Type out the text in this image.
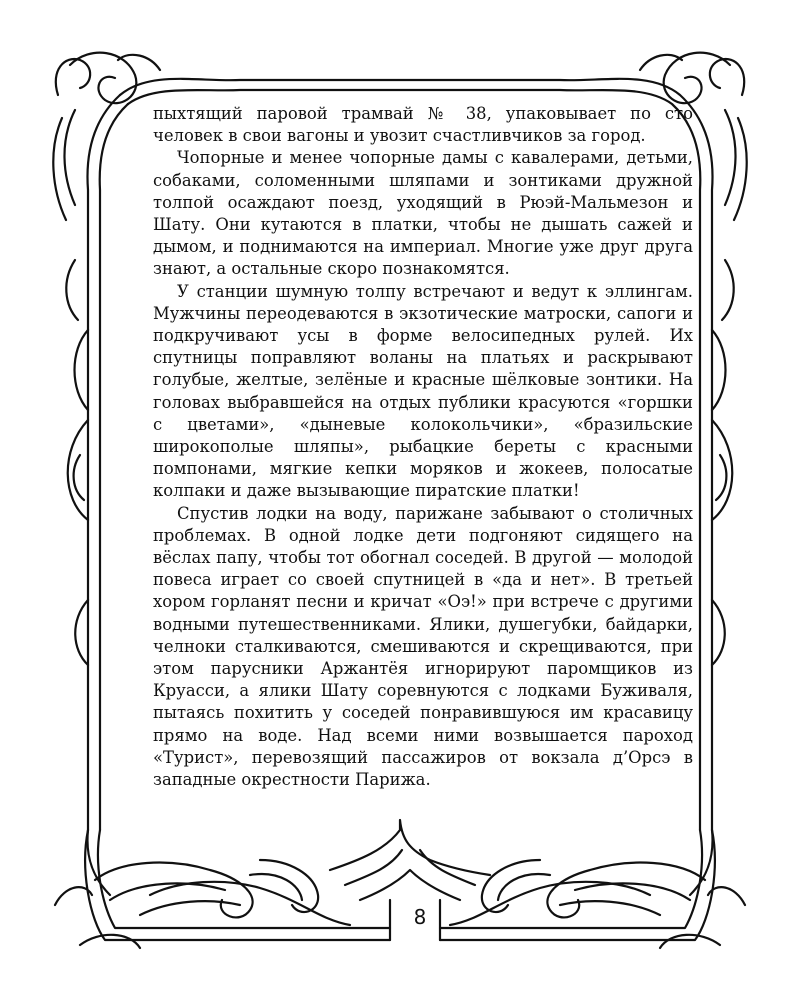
пыхтящий паровой трамвай № 38, упаковывает по сто человек в свои вагоны и увозит счастливчиков за город.

Чопорные и менее чопорные дамы с кавалерами, детьми, собаками, соломенными шляпами и зонтиками дружной толпой осаждают поезд, уходящий в Рюэй-Мальмезон и Шату. Они кутаются в платки, чтобы не дышать сажей и дымом, и поднимаются на империал. Многие уже друг друга знают, а остальные скоро познакомятся.

У станции шумную толпу встречают и ведут к эллингам. Мужчины переодеваются в экзотические матроски, сапоги и подкручивают усы в форме велосипедных рулей. Их спутницы поправляют воланы на платьях и раскрывают голубые, желтые, зелёные и красные шёлковые зонтики. На головах выбравшейся на отдых публики красуются «горшки с цветами», «дыневые колокольчики», «бразильские широкополые шляпы», рыбацкие береты с красными помпонами, мягкие кепки моряков и жокеев, полосатые колпаки и даже вызывающие пиратские платки!

Спустив лодки на воду, парижане забывают о столичных проблемах. В одной лодке дети подгоняют сидящего на вёслах папу, чтобы тот обогнал соседей. В другой — молодой повеса играет со своей спутницей в «да и нет». В третьей хором горланят песни и кричат «Оэ!» при встрече с другими водными путешественниками. Ялики, душегубки, байдарки, челноки сталкиваются, смешиваются и скрещиваются, при этом парусники Аржантёя игнорируют паромщиков из Круасси, а ялики Шату соревнуются с лодками Буживаля, пытаясь похитить у соседей понравившуюся им красавицу прямо на воде. Над всеми ними возвышается пароход «Турист», перевозящий пассажиров от вокзала д’Орсэ в западные окрестности Парижа.

8
